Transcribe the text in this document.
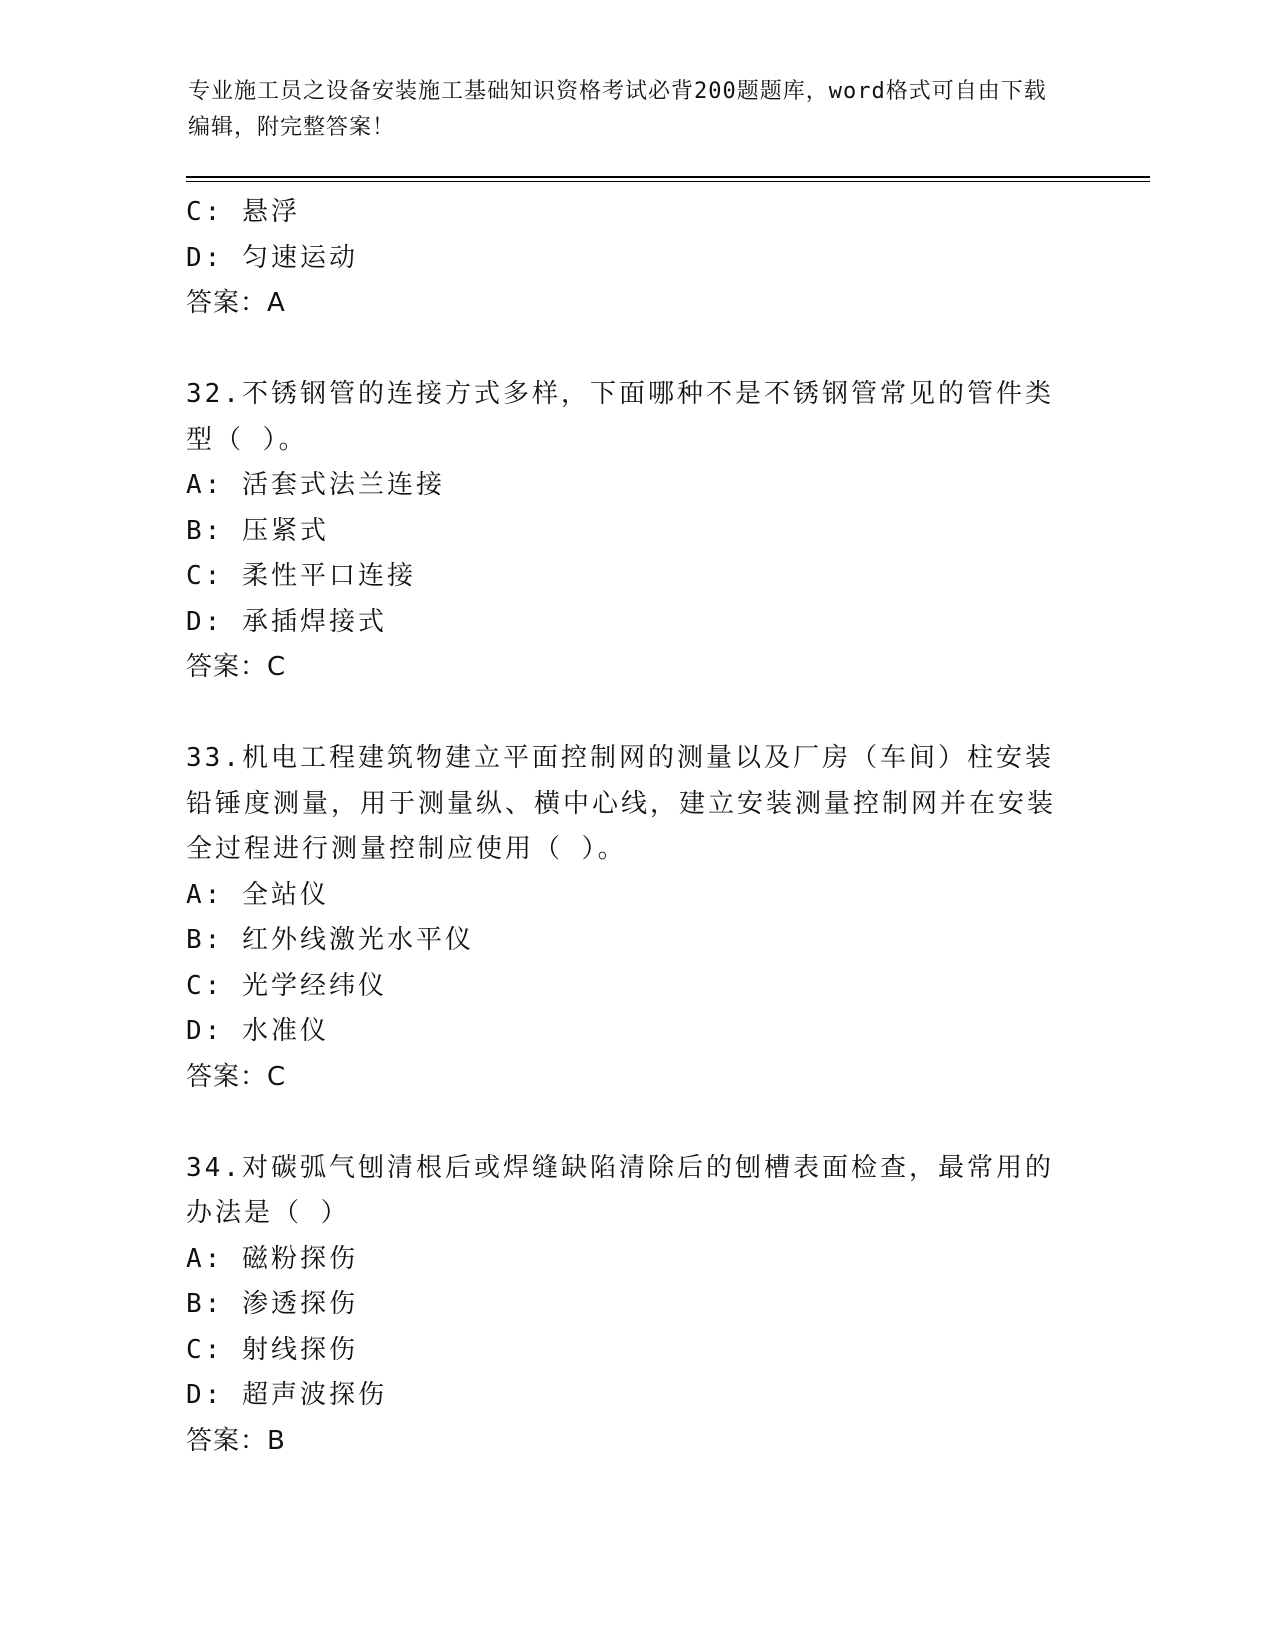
专业施工员之设备安装施工基础知识资格考试必背200题题库，word格式可自由下载编辑，附完整答案！
C: 悬浮
D: 匀速运动
答案：A
32.不锈钢管的连接方式多样，下面哪种不是不锈钢管常见的管件类型（ ）。
A: 活套式法兰连接
B: 压紧式
C: 柔性平口连接
D: 承插焊接式
答案：C
33.机电工程建筑物建立平面控制网的测量以及厂房（车间）柱安装铅锤度测量，用于测量纵、横中心线，建立安装测量控制网并在安装全过程进行测量控制应使用（ ）。
A: 全站仪
B: 红外线激光水平仪
C: 光学经纬仪
D: 水准仪
答案：C
34.对碳弧气刨清根后或焊缝缺陷清除后的刨槽表面检查，最常用的办法是（ ）
A: 磁粉探伤
B: 渗透探伤
C: 射线探伤
D: 超声波探伤
答案：B
